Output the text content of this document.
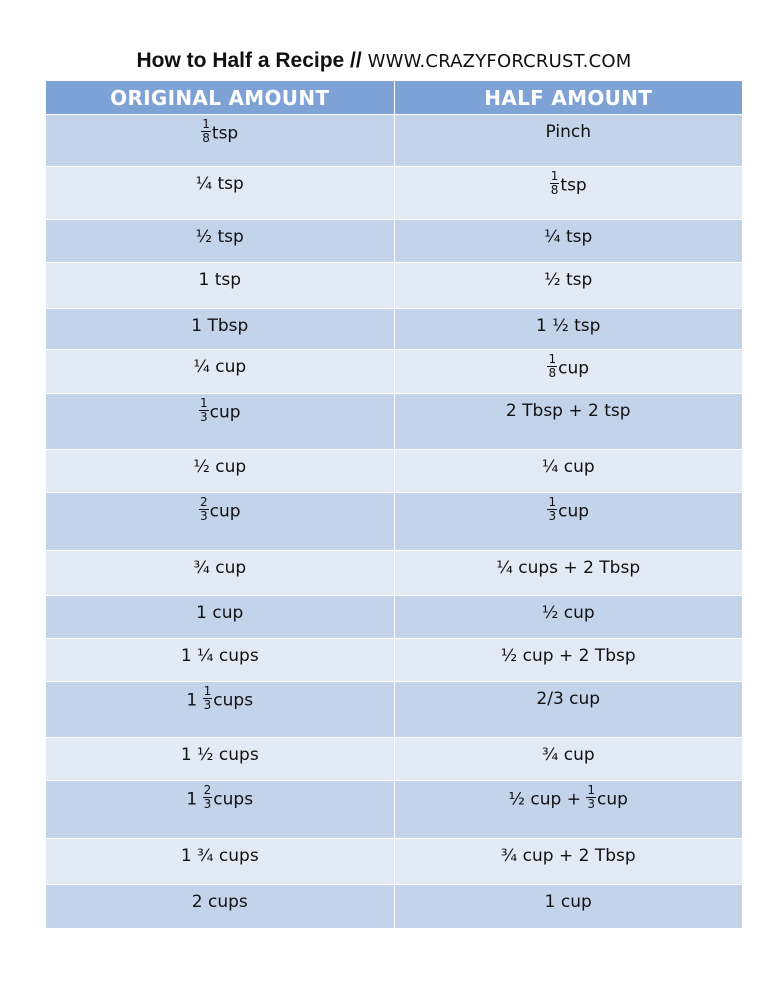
How to Half a Recipe // WWW.CRAZYFORCRUST.COM
ORIGINAL AMOUNT	HALF AMOUNT

$\frac{1}{8}$ tsp	Pinch
¼ tsp	$\frac{1}{8}$ tsp
½ tsp	¼ tsp
1 tsp	½ tsp
1 Tbsp	1 ½ tsp
¼ cup	$\frac{1}{8}$ cup

$\frac{1}{3}$ cup	2 Tbsp + 2 tsp
½ cup	¼ cup

$\frac{2}{3}$ cup	$\frac{1}{3}$ cup
¾ cup	¼ cups + 2 Tbsp
1 cup	½ cup
1 ¼ cups	½ cup + 2 Tbsp
$1 \frac{1}{3}$ cups	2/3 cup
1 ½ cups	¾ cup
$1 \frac{2}{3}$ cups	½ cup + $\frac{1}{3}$ cup
1 ¾ cups	¾ cup + 2 Tbsp
2 cups	1 cup
